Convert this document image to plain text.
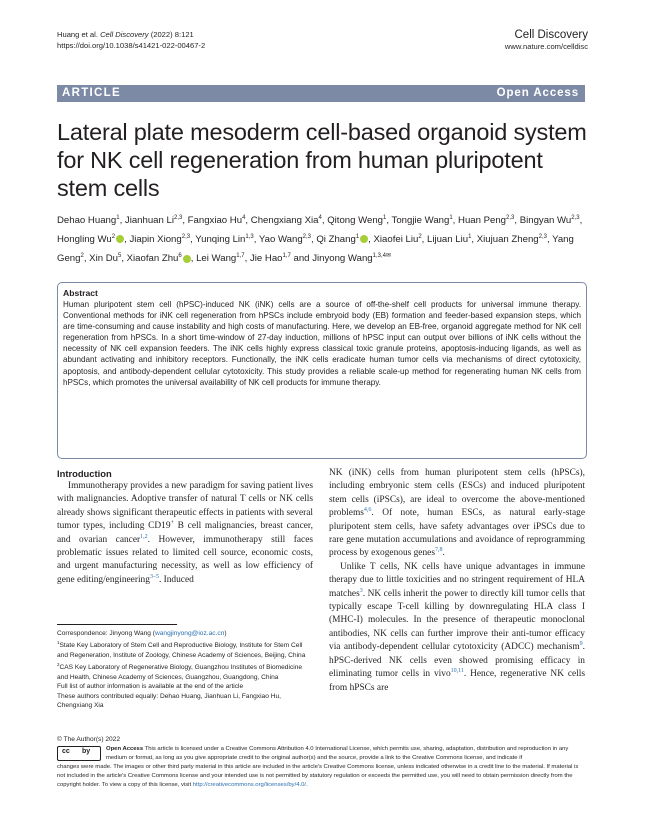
Huang et al. Cell Discovery (2022) 8:121
https://doi.org/10.1038/s41421-022-00467-2
Cell Discovery
www.nature.com/celldisc
ARTICLE	Open Access
Lateral plate mesoderm cell-based organoid system for NK cell regeneration from human pluripotent stem cells
Dehao Huang$^1$, Jianhuan Li$^{2,3}$, Fangxiao Hu$^4$, Chengxiang Xia$^4$, Qitong Weng$^1$, Tongjie Wang$^1$, Huan Peng$^{2,3}$, Bingyan Wu$^{2,3}$, Hongling Wu$^2$ , Jiapin Xiong$^{2,3}$, Yunqing Lin$^{1,3}$, Yao Wang$^{2,3}$, Qi Zhang$^1$ , Xiaofei Liu$^2$, Lijuan Liu$^1$, Xiujuan Zheng$^{2,3}$, Yang Geng$^2$, Xin Du$^5$, Xiaofan Zhu$^6$ , Lei Wang$^{1,7}$, Jie Hao$^{1,7}$ and Jinyong Wang$^{1,3,4✉}$
Abstract
Human pluripotent stem cell (hPSC)-induced NK (iNK) cells are a source of off-the-shelf cell products for universal immune therapy. Conventional methods for iNK cell regeneration from hPSCs include embryoid body (EB) formation and feeder-based expansion steps, which are time-consuming and cause instability and high costs of manufacturing. Here, we develop an EB-free, organoid aggregate method for NK cell regeneration from hPSCs. In a short time-window of 27-day induction, millions of hPSC input can output over billions of iNK cells without the necessity of NK cell expansion feeders. The iNK cells highly express classical toxic granule proteins, apoptosis-inducing ligands, as well as abundant activating and inhibitory receptors. Functionally, the iNK cells eradicate human tumor cells via mechanisms of direct cytotoxicity, apoptosis, and antibody-dependent cellular cytotoxicity. This study provides a reliable scale-up method for regenerating human NK cells from hPSCs, which promotes the universal availability of NK cell products for immune therapy.
Introduction

Immunotherapy provides a new paradigm for saving patient lives with malignancies. Adoptive transfer of natural T cells or NK cells already shows significant therapeutic effects in patients with several tumor types, including CD19+ B cell malignancies, breast cancer, and ovarian cancer$^{1,2}$. However, immunotherapy still faces problematic issues related to limited cell source, economic costs, and urgent manufacturing necessity, as well as low efficiency of gene editing/engineering$^{3-5}$. Induced

NK (iNK) cells from human pluripotent stem cells (hPSCs), including embryonic stem cells (ESCs) and induced pluripotent stem cells (iPSCs), are ideal to overcome the above-mentioned problems$^{4,6}$. Of note, human ESCs, as natural early-stage pluripotent stem cells, have safety advantages over iPSCs due to rare gene mutation accumulations and avoidance of reprogramming process by exogenous genes$^{7,8}$.

Unlike T cells, NK cells have unique advantages in immune therapy due to little toxicities and no stringent requirement of HLA matches$^3$. NK cells inherit the power to directly kill tumor cells that typically escape T-cell killing by downregulating HLA class I (MHC-I) molecules. In the presence of therapeutic monoclonal antibodies, NK cells can further improve their anti-tumor efficacy via antibody-dependent cellular cytotoxicity (ADCC) mechanism$^9$. hPSC-derived NK cells even showed promising efficacy in eliminating tumor cells in vivo$^{10,11}$. Hence, regenerative NK cells from hPSCs are

Correspondence: Jinyong Wang (wangjinyong@ioz.ac.cn)
$^1$State Key Laboratory of Stem Cell and Reproductive Biology, Institute for Stem Cell and Regeneration, Institute of Zoology, Chinese Academy of Sciences, Beijing, China
$^2$CAS Key Laboratory of Regenerative Biology, Guangzhou Institutes of Biomedicine and Health, Chinese Academy of Sciences, Guangzhou, Guangdong, China
Full list of author information is available at the end of the article
These authors contributed equally: Dehao Huang, Jianhuan Li, Fangxiao Hu, Chengxiang Xia
© The Author(s) 2022
cc by	Open Access This article is licensed under a Creative Commons Attribution 4.0 International License, which permits use, sharing, adaptation, distribution and reproduction in any medium or format, as long as you give appropriate credit to the original author(s) and the source, provide a link to the Creative Commons license, and indicate if
changes were made. The images or other third party material in this article are included in the article's Creative Commons license, unless indicated otherwise in a credit line to the material. If material is not included in the article's Creative Commons license and your intended use is not permitted by statutory regulation or exceeds the permitted use, you will need to obtain permission directly from the copyright holder. To view a copy of this license, visit http://creativecommons.org/licenses/by/4.0/.
